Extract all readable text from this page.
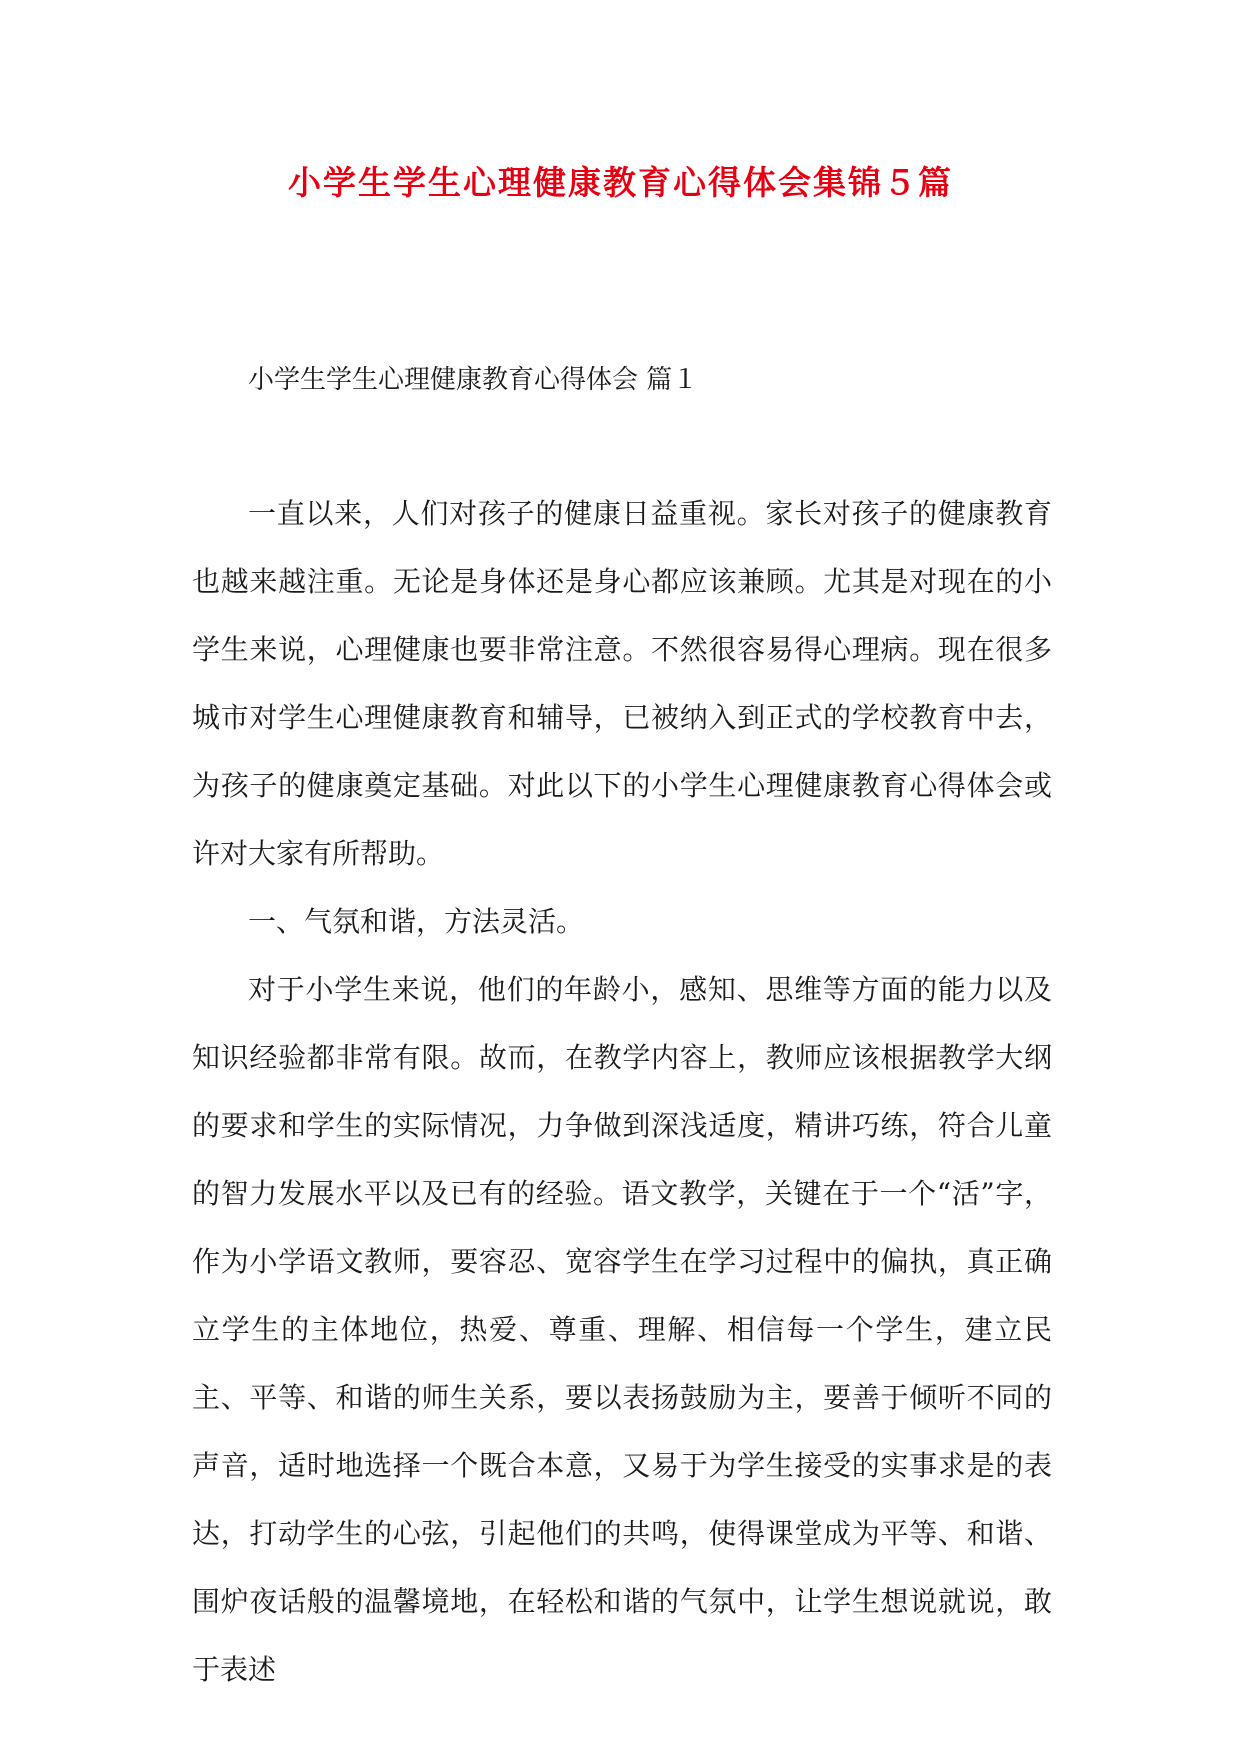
小学生学生心理健康教育心得体会集锦５篇

小学生学生心理健康教育心得体会 篇１

一直以来，人们对孩子的健康日益重视。家长对孩子的健康教育也越来越注重。无论是身体还是身心都应该兼顾。尤其是对现在的小学生来说，心理健康也要非常注意。不然很容易得心理病。现在很多城市对学生心理健康教育和辅导，已被纳入到正式的学校教育中去，为孩子的健康奠定基础。对此以下的小学生心理健康教育心得体会或许对大家有所帮助。

一、气氛和谐，方法灵活。

对于小学生来说，他们的年龄小，感知、思维等方面的能力以及知识经验都非常有限。故而，在教学内容上，教师应该根据教学大纲的要求和学生的实际情况，力争做到深浅适度，精讲巧练，符合儿童的智力发展水平以及已有的经验。语文教学，关键在于一个“活”字，作为小学语文教师，要容忍、宽容学生在学习过程中的偏执，真正确立学生的主体地位，热爱、尊重、理解、相信每一个学生，建立民主、平等、和谐的师生关系，要以表扬鼓励为主，要善于倾听不同的声音，适时地选择一个既合本意，又易于为学生接受的实事求是的表达，打动学生的心弦，引起他们的共鸣，使得课堂成为平等、和谐、围炉夜话般的温馨境地，在轻松和谐的气氛中，让学生想说就说，敢于表述
